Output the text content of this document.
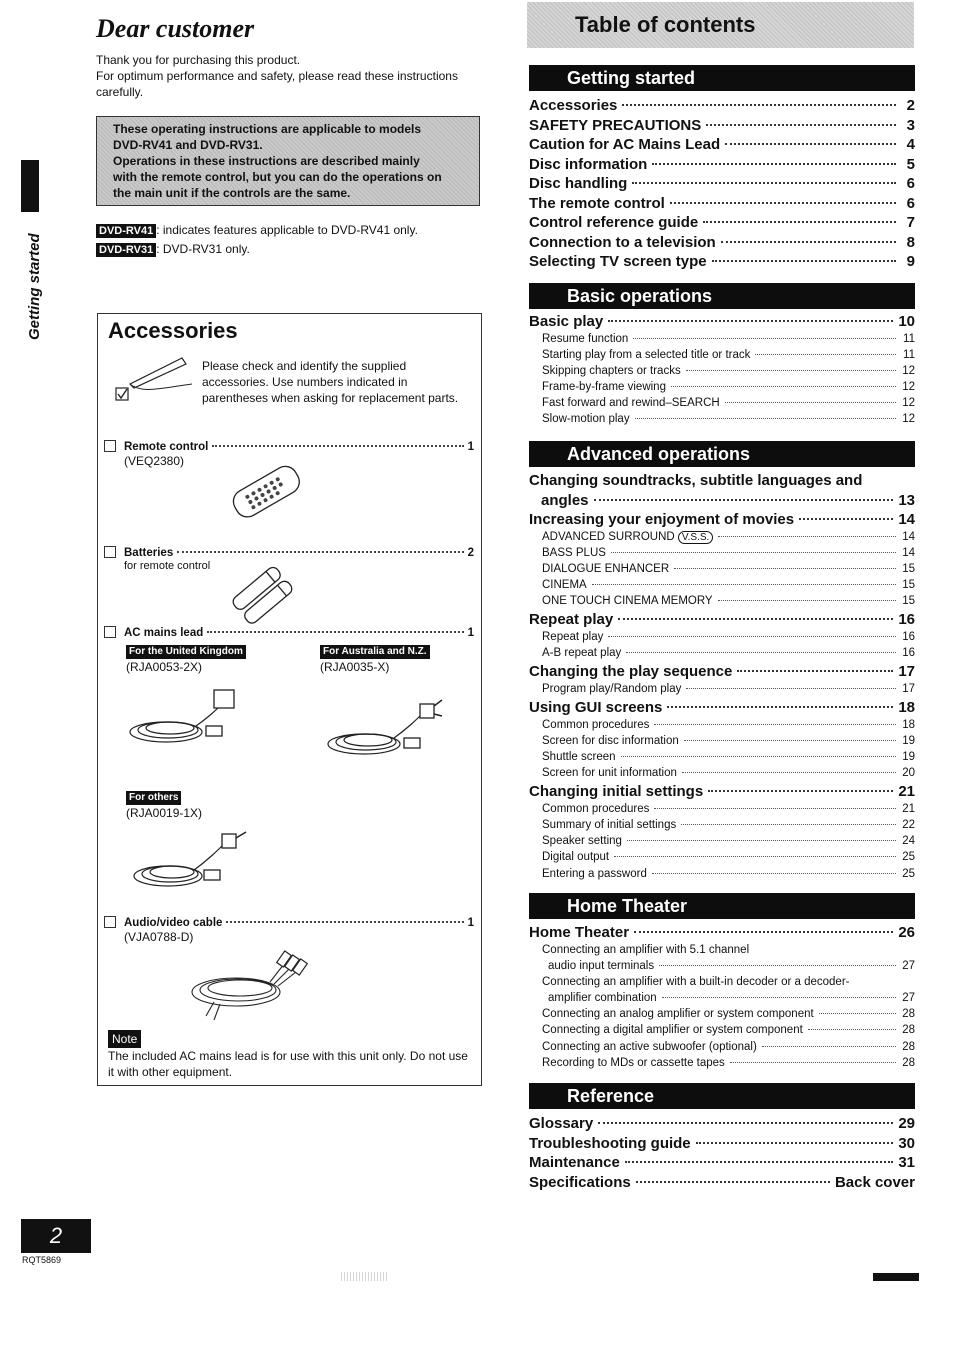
Getting started
Dear customer
Thank you for purchasing this product.
For optimum performance and safety, please read these instructions carefully.
These operating instructions are applicable to models
DVD-RV41 and DVD-RV31.
Operations in these instructions are described mainly
with the remote control, but you can do the operations on
the main unit if the controls are the same.
DVD-RV41 : indicates features applicable to DVD-RV41 only.
DVD-RV31 : DVD-RV31 only.
Accessories
Please check and identify the supplied accessories. Use numbers indicated in parentheses when asking for replacement parts.
Remote control	1
(VEQ2380)
Batteries	2
for remote control
AC mains lead	1
For the United Kingdom
(RJA0053-2X)
For Australia and N.Z.
(RJA0035-X)
For others
(RJA0019-1X)
Audio/video cable	1
(VJA0788-D)
Note
The included AC mains lead is for use with this unit only. Do not use it with other equipment.
Table of contents
Getting started
Accessories	2
SAFETY PRECAUTIONS	3
Caution for AC Mains Lead	4
Disc information	5
Disc handling	6
The remote control	6
Control reference guide	7
Connection to a television	8
Selecting TV screen type	9
Basic operations
Basic play	10
Resume function	11
Starting play from a selected title or track	11
Skipping chapters or tracks	12
Frame-by-frame viewing	12
Fast forward and rewind–SEARCH	12
Slow-motion play	12
Advanced operations
Changing soundtracks, subtitle languages and
angles	13
Increasing your enjoyment of movies	14
ADVANCED SURROUND
V.S.S.	14
BASS PLUS	14
DIALOGUE ENHANCER	15
CINEMA	15
ONE TOUCH CINEMA MEMORY	15
Repeat play	16
Repeat play	16
A-B repeat play	16
Changing the play sequence	17
Program play/Random play	17
Using GUI screens	18
Common procedures	18
Screen for disc information	19
Shuttle screen	19
Screen for unit information	20
Changing initial settings	21
Common procedures	21
Summary of initial settings	22
Speaker setting	24
Digital output	25
Entering a password	25
Home Theater
Home Theater	26
Connecting an amplifier with 5.1 channel
audio input terminals	27
Connecting an amplifier with a built-in decoder or a decoder-
amplifier combination	27
Connecting an analog amplifier or system component	28
Connecting a digital amplifier or system component	28
Connecting an active subwoofer (optional)	28
Recording to MDs or cassette tapes	28
Reference
Glossary	29
Troubleshooting guide	30
Maintenance	31
Specifications	Back cover
2
RQT5869
